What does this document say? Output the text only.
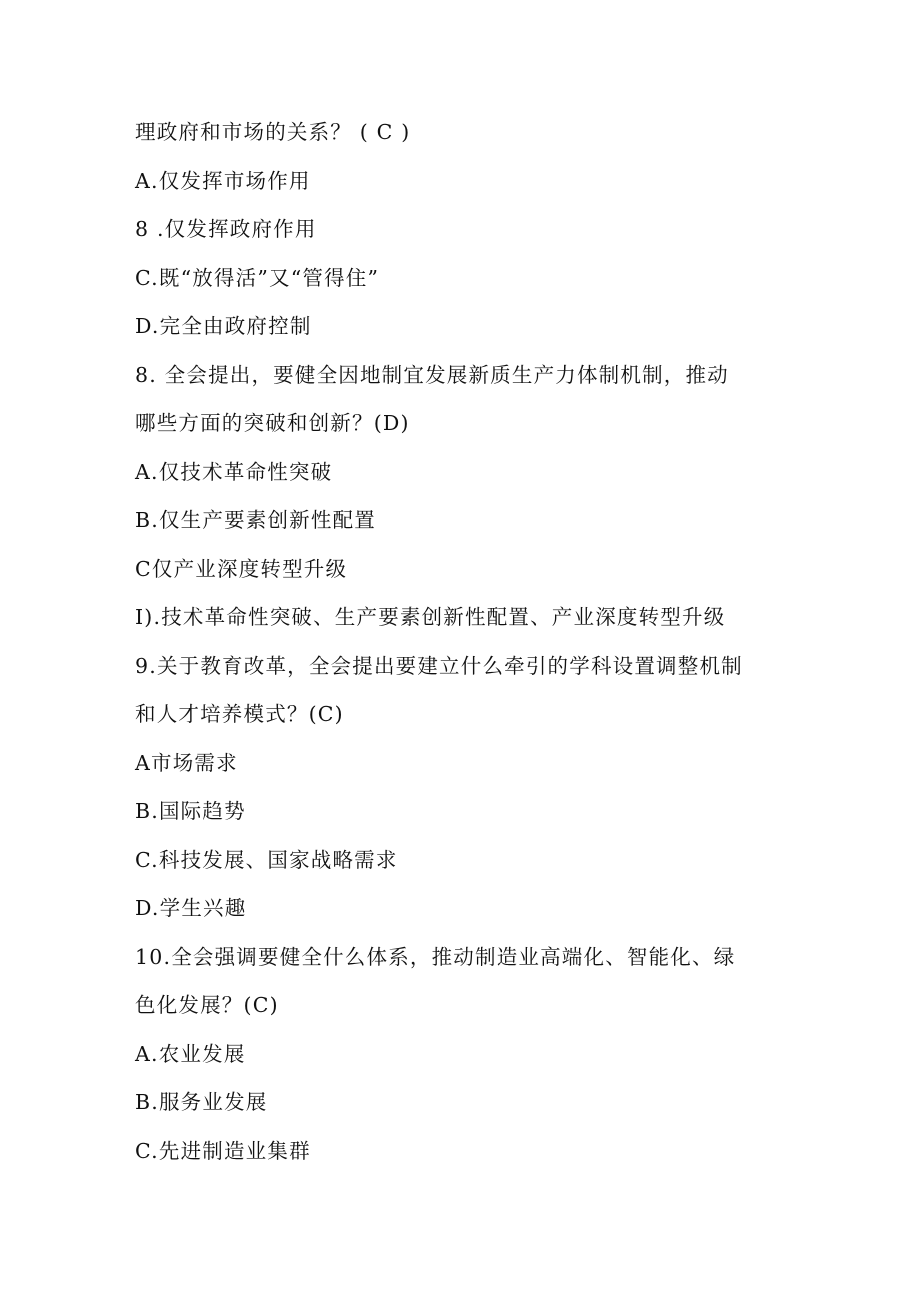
理政府和市场的关系？ ( C )
A.仅发挥市场作用
8 .仅发挥政府作用
C.既“放得活”又“管得住”
D.完全由政府控制
8. 全会提出，要健全因地制宜发展新质生产力体制机制，推动
哪些方面的突破和创新？(D)
A.仅技术革命性突破
B.仅生产要素创新性配置
C仅产业深度转型升级
I).技术革命性突破、生产要素创新性配置、产业深度转型升级
9.关于教育改革，全会提出要建立什么牵引的学科设置调整机制
和人才培养模式？(C)
A市场需求
B.国际趋势
C.科技发展、国家战略需求
D.学生兴趣
10.全会强调要健全什么体系，推动制造业高端化、智能化、绿
色化发展？(C)
A.农业发展
B.服务业发展
C.先进制造业集群
